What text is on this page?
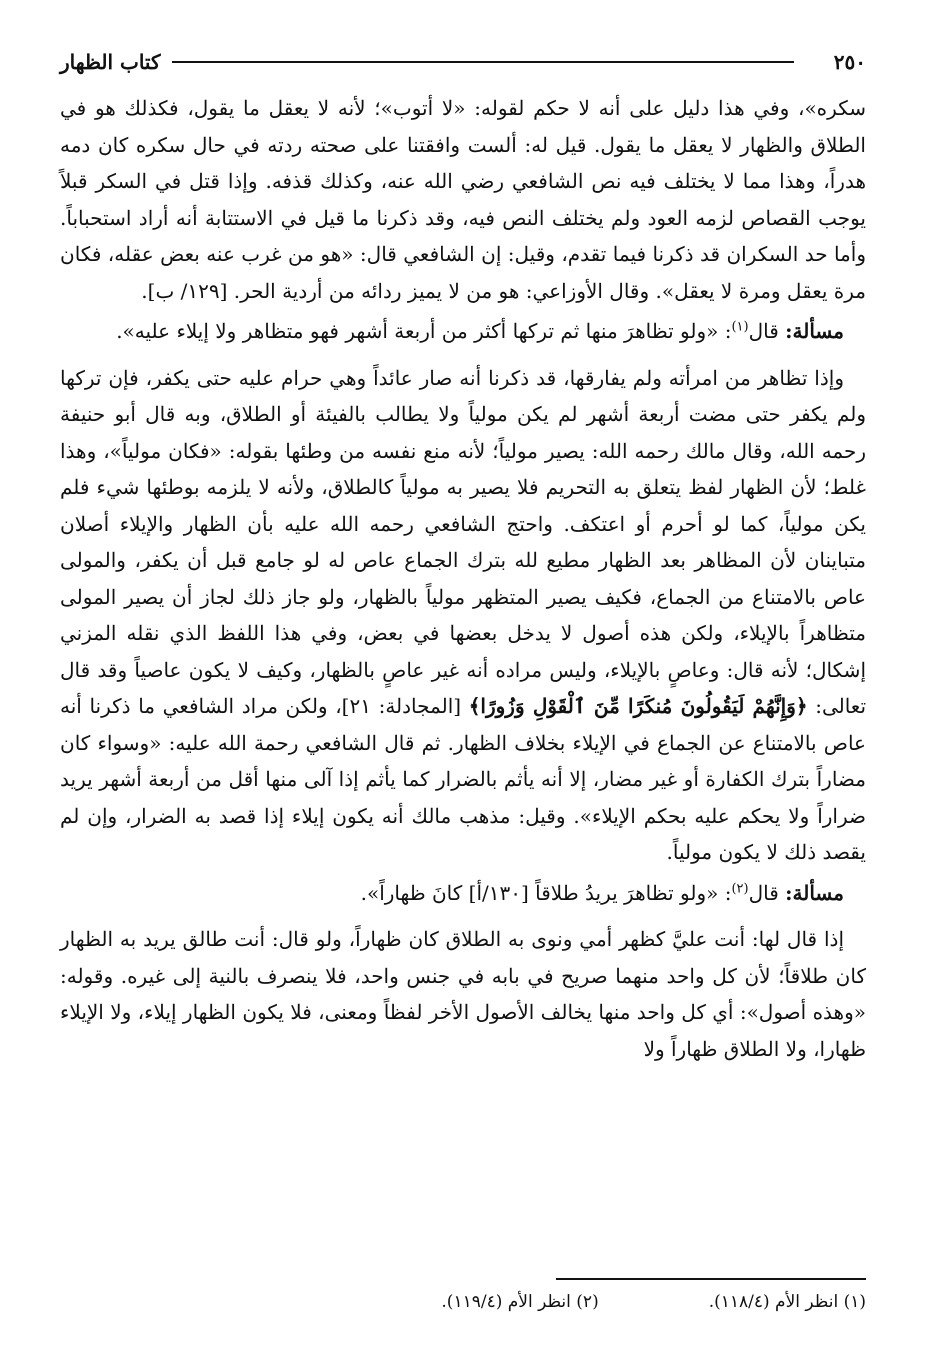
٢٥٠
كتاب الظهار

سكره»، وفي هذا دليل على أنه لا حكم لقوله: «لا أتوب»؛ لأنه لا يعقل ما يقول، فكذلك هو في الطلاق والظهار لا يعقل ما يقول. قيل له: ألست وافقتنا على صحته ردته في حال سكره كان دمه هدراً، وهذا مما لا يختلف فيه نص الشافعي رضي الله عنه، وكذلك قذفه. وإذا قتل في السكر قبلاً يوجب القصاص لزمه العود ولم يختلف النص فيه، وقد ذكرنا ما قيل في الاستتابة أنه أراد استحباباً. وأما حد السكران قد ذكرنا فيما تقدم، وقيل: إن الشافعي قال: «هو من غرب عنه بعض عقله، فكان مرة يعقل ومرة لا يعقل». وقال الأوزاعي: هو من لا يميز ردائه من أردية الحر. [١٢٩/ ب].

مسألة: قال$^{(١)}$: «ولو تظاهرَ منها ثم تركها أكثر من أربعة أشهر فهو متظاهر ولا إيلاء عليه».

وإذا تظاهر من امرأته ولم يفارقها، قد ذكرنا أنه صار عائداً وهي حرام عليه حتى يكفر، فإن تركها ولم يكفر حتى مضت أربعة أشهر لم يكن مولياً ولا يطالب بالفيئة أو الطلاق، وبه قال أبو حنيفة رحمه الله، وقال مالك رحمه الله: يصير مولياً؛ لأنه منع نفسه من وطئها بقوله: «فكان مولياً»، وهذا غلط؛ لأن الظهار لفظ يتعلق به التحريم فلا يصير به مولياً كالطلاق، ولأنه لا يلزمه بوطئها شيء فلم يكن مولياً، كما لو أحرم أو اعتكف. واحتج الشافعي رحمه الله عليه بأن الظهار والإيلاء أصلان متباينان لأن المظاهر بعد الظهار مطيع لله بترك الجماع عاص له لو جامع قبل أن يكفر، والمولى عاص بالامتناع من الجماع، فكيف يصير المتظهر مولياً بالظهار، ولو جاز ذلك لجاز أن يصير المولى متظاهراً بالإيلاء، ولكن هذه أصول لا يدخل بعضها في بعض، وفي هذا اللفظ الذي نقله المزني إشكال؛ لأنه قال: وعاصٍ بالإيلاء، وليس مراده أنه غير عاصٍ بالظهار، وكيف لا يكون عاصياً وقد قال تعالى: ﴿وَإِنَّهُمْ لَيَقُولُونَ مُنكَرًا مِّنَ ٱلْقَوْلِ وَزُورًا﴾ [المجادلة: ٢١]، ولكن مراد الشافعي ما ذكرنا أنه عاص بالامتناع عن الجماع في الإيلاء بخلاف الظهار. ثم قال الشافعي رحمة الله عليه: «وسواء كان مضاراً بترك الكفارة أو غير مضار، إلا أنه يأثم بالضرار كما يأثم إذا آلى منها أقل من أربعة أشهر يريد ضراراً ولا يحكم عليه بحكم الإيلاء». وقيل: مذهب مالك أنه يكون إيلاء إذا قصد به الضرار، وإن لم يقصد ذلك لا يكون مولياً.

مسألة: قال$^{(٢)}$: «ولو تظاهرَ يريدُ طلاقاً [١٣٠/أ] كانَ ظهاراً».

إذا قال لها: أنت عليَّ كظهر أمي ونوى به الطلاق كان ظهاراً، ولو قال: أنت طالق يريد به الظهار كان طلاقاً؛ لأن كل واحد منهما صريح في بابه في جنس واحد، فلا ينصرف بالنية إلى غيره. وقوله: «وهذه أصول»: أي كل واحد منها يخالف الأصول الأخر لفظاً ومعنى، فلا يكون الظهار إيلاء، ولا الإيلاء ظهارا، ولا الطلاق ظهاراً ولا

(١) انظر الأم (١١٨/٤).
(٢) انظر الأم (١١٩/٤).
